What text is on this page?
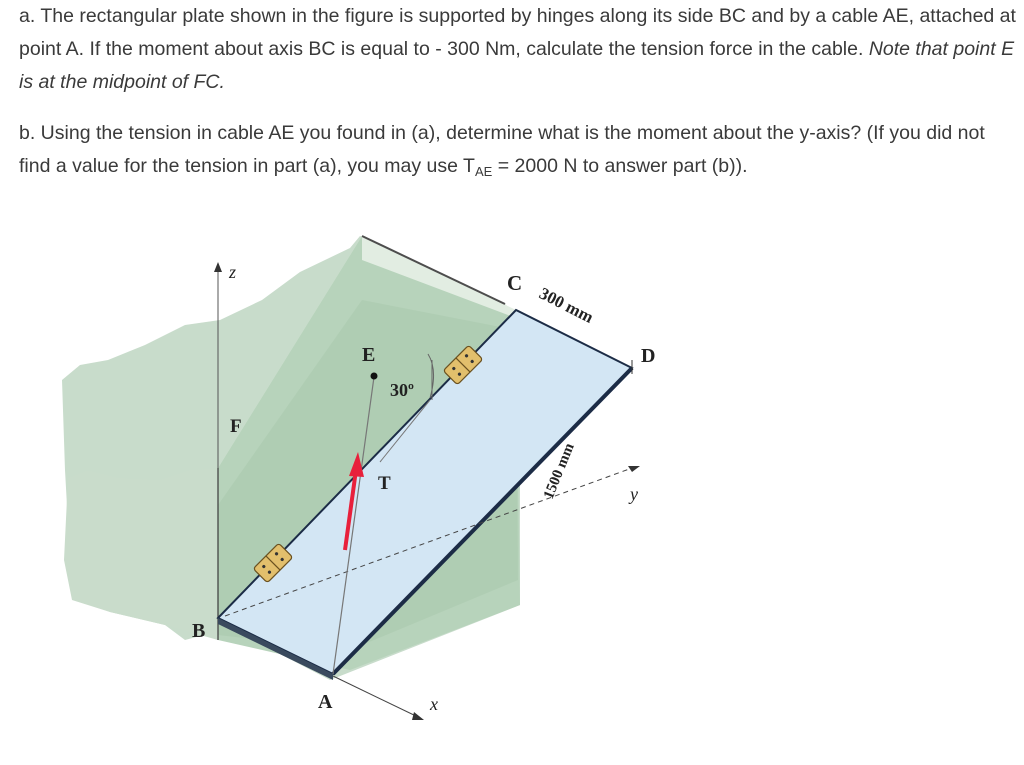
a. The rectangular plate shown in the figure is supported by hinges along its side BC and by a cable AE, attached at point A. If the moment about axis BC is equal to - 300 Nm, calculate the tension force in the cable. Note that point E is at the midpoint of FC.

b. Using the tension in cable AE you found in (a), determine what is the moment about the y-axis? (If you did not find a value for the tension in part (a), you may use $T_{AE} = 2000$ N to answer part (b)).

z
F
E
30º
T
B
A	x
C
D
y
300 mm
1500 mm
